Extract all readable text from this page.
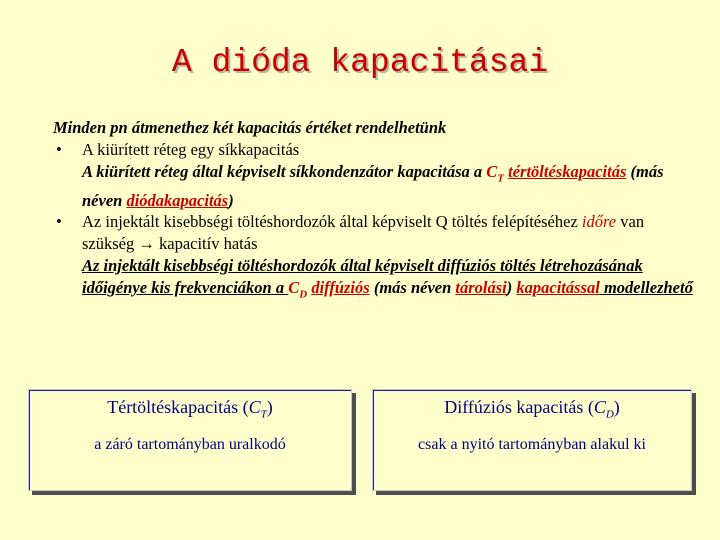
A dióda kapacitásai
Minden pn átmenethez két kapacitás értéket rendelhetünk
• A kiürített réteg egy síkkapacitás
A kiürített réteg által képviselt síkkondenzátor kapacitása a $C_T$ tértöltéskapacitás (más néven diódakapacitás)
• Az injektált kisebbségi töltéshordozók által képviselt Q töltés felépítéséhez időre van szükség → kapacitív hatás
Az injektált kisebbségi töltéshordozók által képviselt diffúziós töltés létrehozásának időigénye kis frekvenciákon a $C_D$ diffúziós (más néven tárolási) kapacitással modellezhető
Tértöltéskapacitás $(C_T)$
a záró tartományban uralkodó
Diffúziós kapacitás $(C_D)$
csak a nyitó tartományban alakul ki
